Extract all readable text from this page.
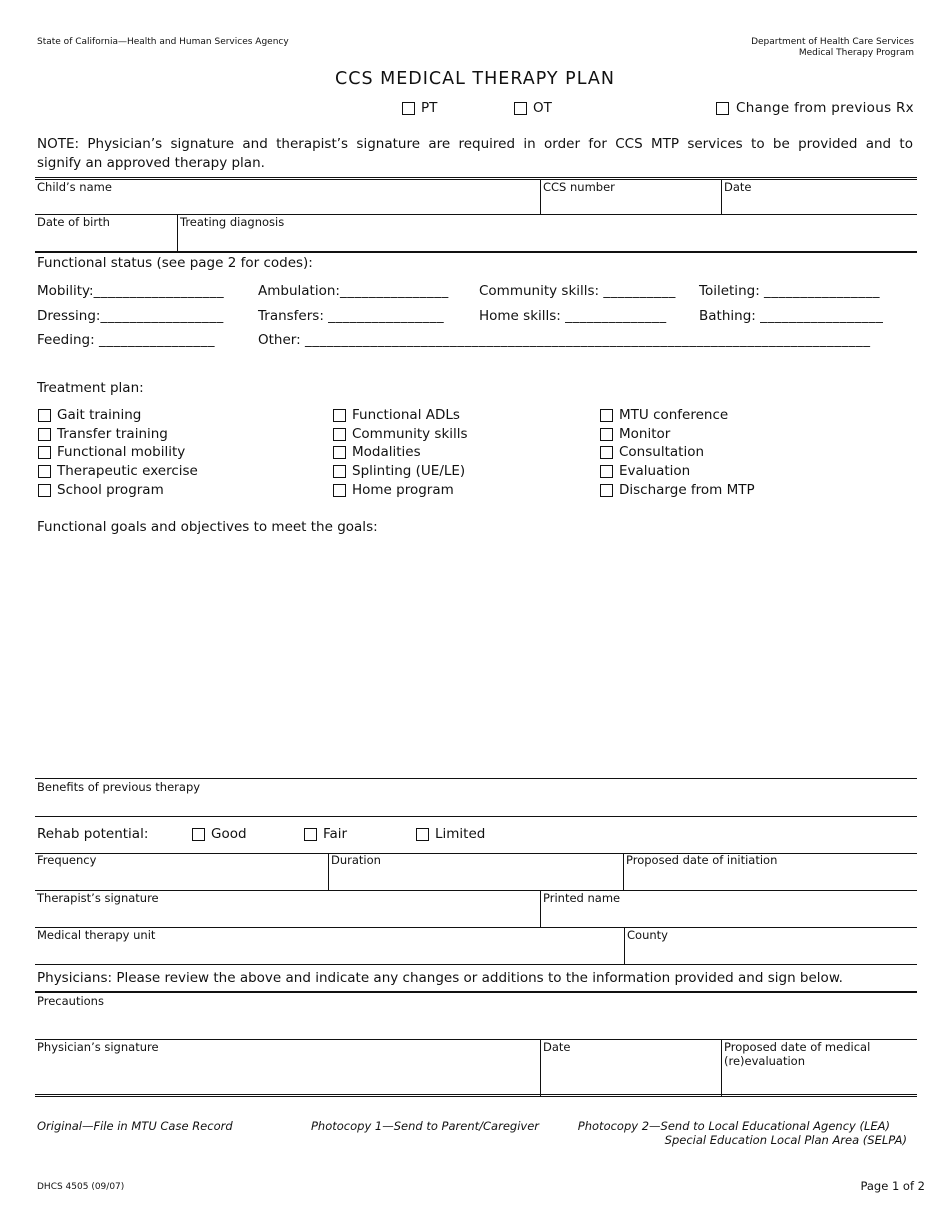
State of California—Health and Human Services Agency	Department of Health Care Services
Medical Therapy Program
CCS MEDICAL THERAPY PLAN
PT	OT	Change from previous Rx
NOTE: Physician’s signature and therapist’s signature are required in order for CCS MTP services to be provided and to
signify an approved therapy plan.
Child’s name	CCS number	Date
Date of birth	Treating diagnosis
Functional status (see page 2 for codes):
Mobility:__________________	Ambulation:_______________ Community skills: __________ Toileting: ________________
Dressing:_________________	Transfers: ________________	Home skills: ______________ Bathing: _________________
Feeding: ________________	Other: ______________________________________________________________________________
Treatment plan:
Gait training
Transfer training
Functional mobility
Therapeutic exercise
School program
Functional ADLs
Community skills
Modalities
Splinting (UE/LE)
Home program
MTU conference
Monitor
Consultation
Evaluation
Discharge from MTP
Functional goals and objectives to meet the goals:
Benefits of previous therapy
Rehab potential:	Good	Fair	Limited
Frequency	Duration	Proposed date of initiation
Therapist’s signature	Printed name
Medical therapy unit	County
Physicians: Please review the above and indicate any changes or additions to the information provided and sign below.
Precautions
Physician’s signature	Date	Proposed date of medical
(re)evaluation
Original—File in MTU Case Record	Photocopy 1—Send to Parent/Caregiver	Photocopy 2—Send to Local Educational Agency (LEA)
Special Education Local Plan Area (SELPA)
DHCS 4505 (09/07)	Page 1 of 2
